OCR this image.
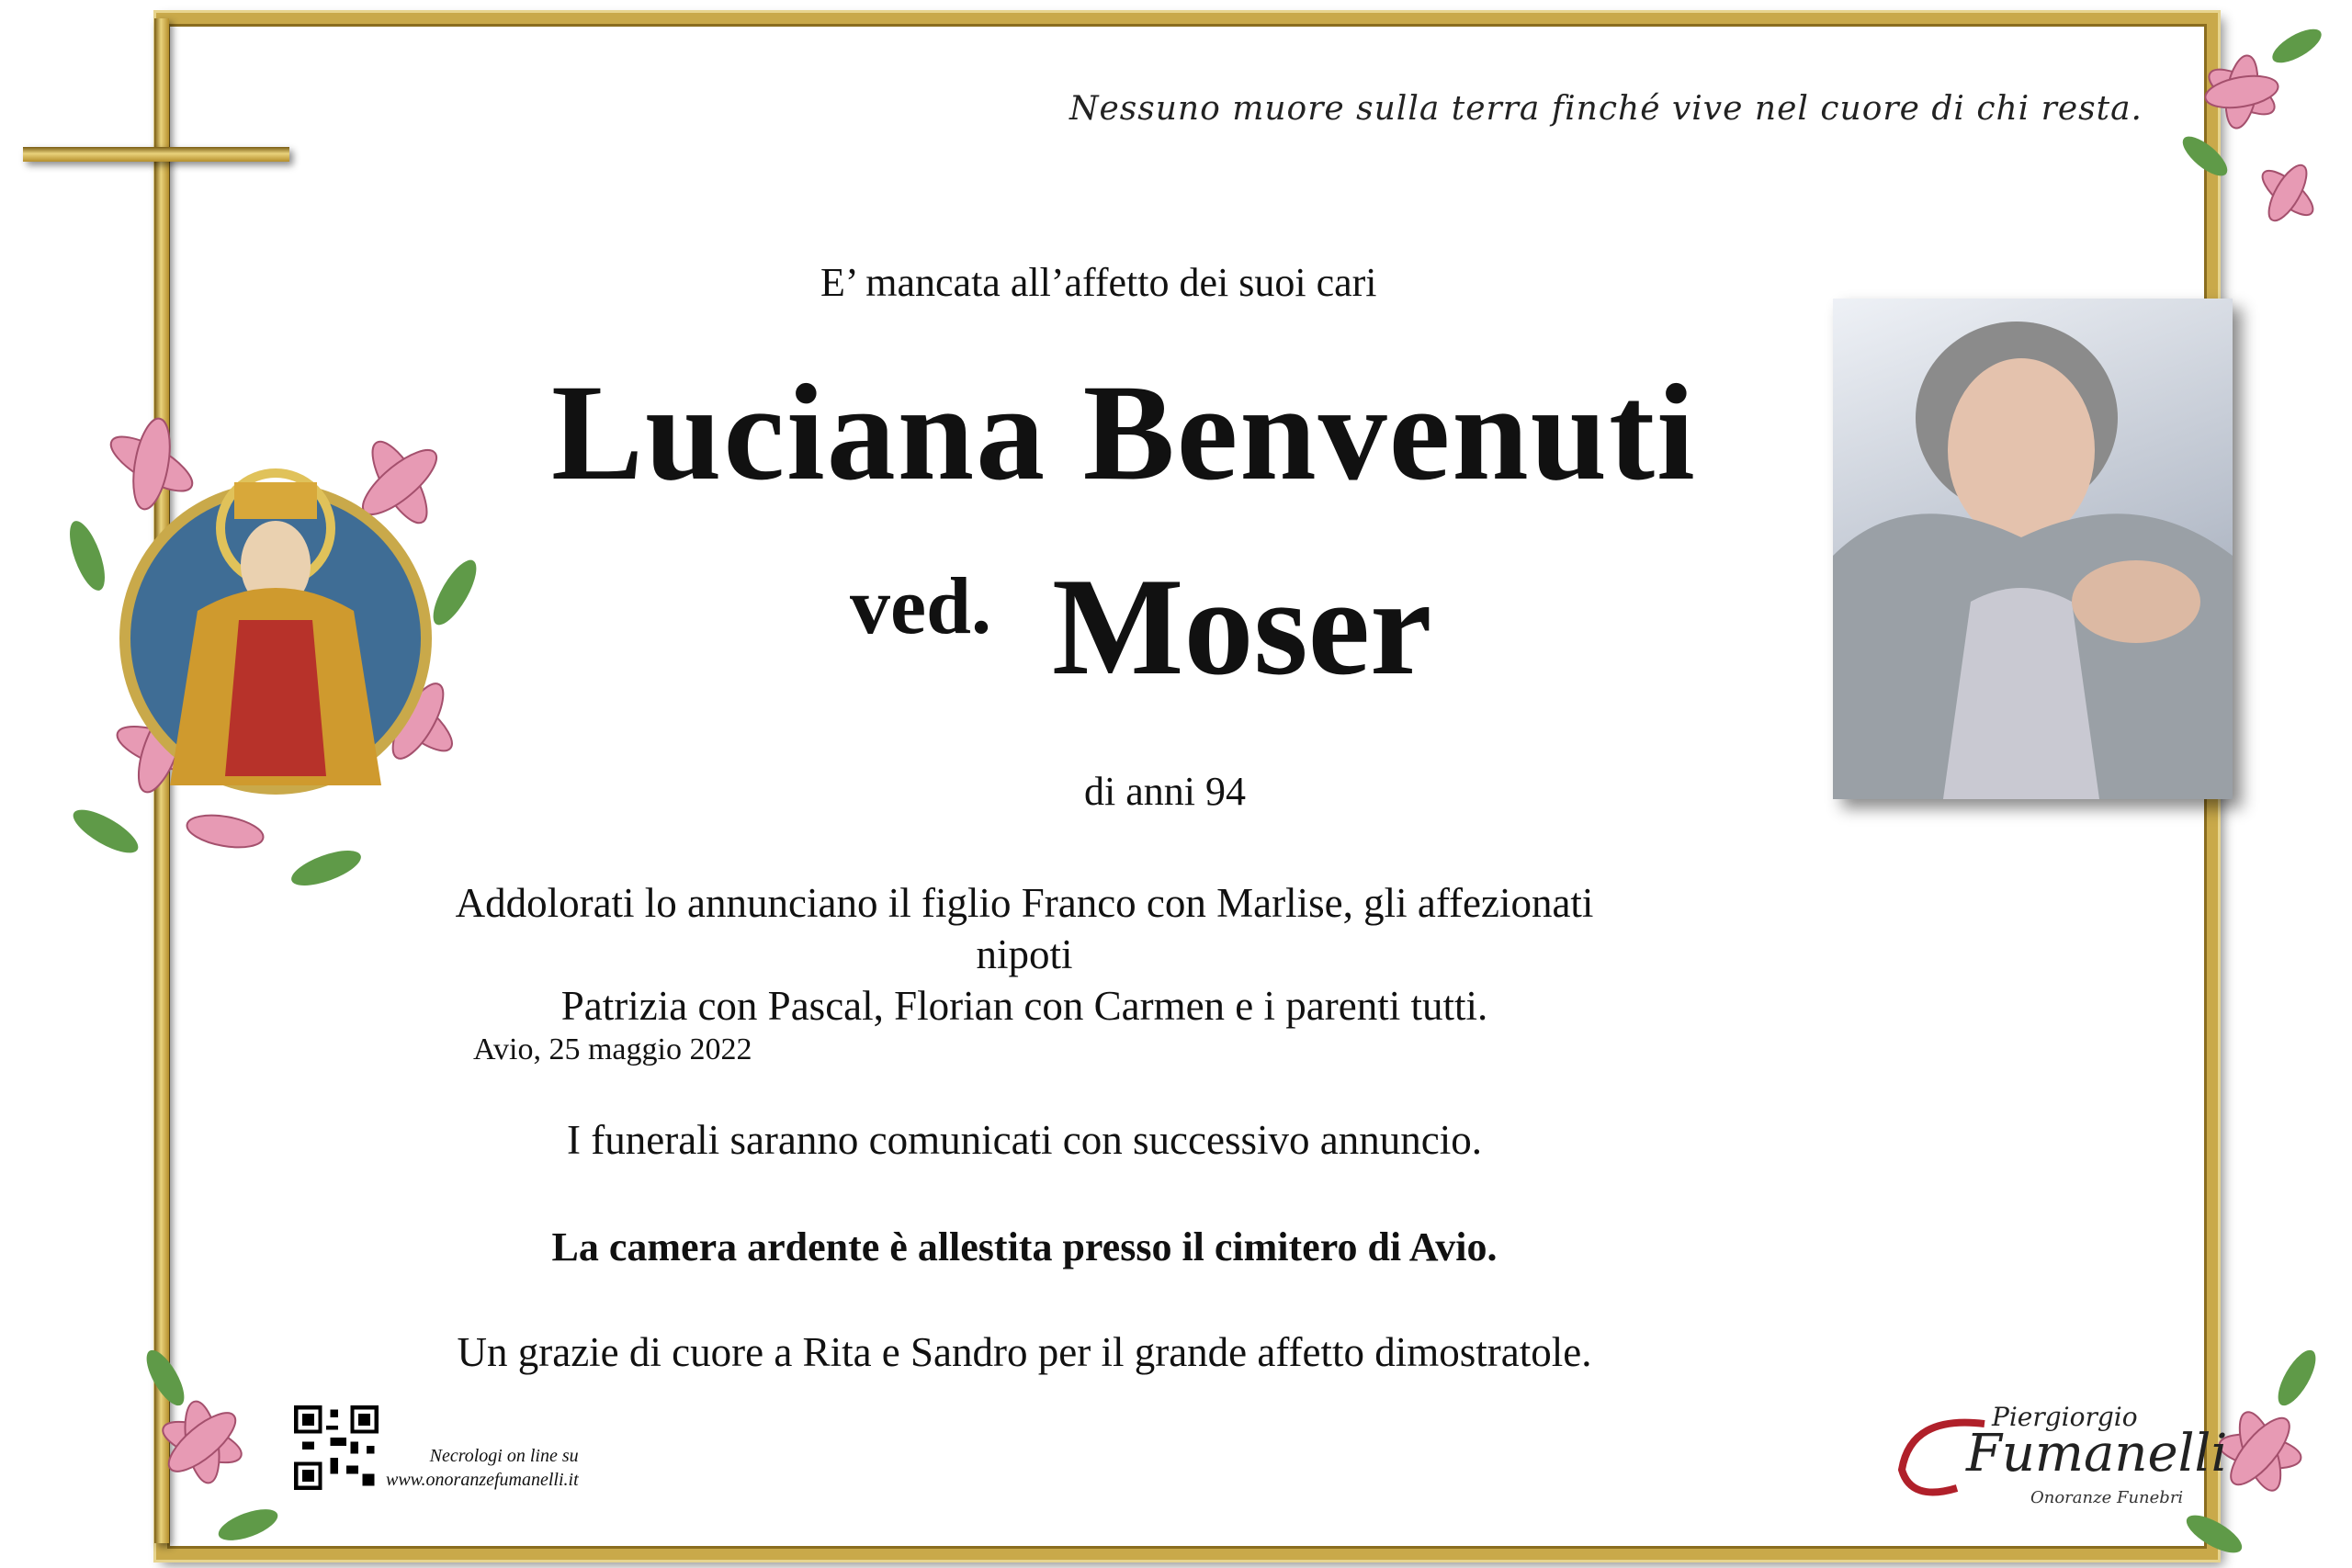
Nessuno muore sulla terra finché vive nel cuore di chi resta.
E’ mancata all’affetto dei suoi cari
Luciana Benvenuti
ved. Moser
di anni 94
Addolorati lo annunciano il figlio Franco con Marlise, gli affezionati nipoti
Patrizia con Pascal, Florian con Carmen e i parenti tutti.
Avio, 25 maggio 2022
I funerali saranno comunicati con successivo annuncio.
La camera ardente è allestita presso il cimitero di Avio.
Un grazie di cuore a Rita e Sandro per il grande affetto dimostratole.
Necrologi on line su
www.onoranzefumanelli.it
Piergiorgio
Fumanelli
Onoranze Funebri
